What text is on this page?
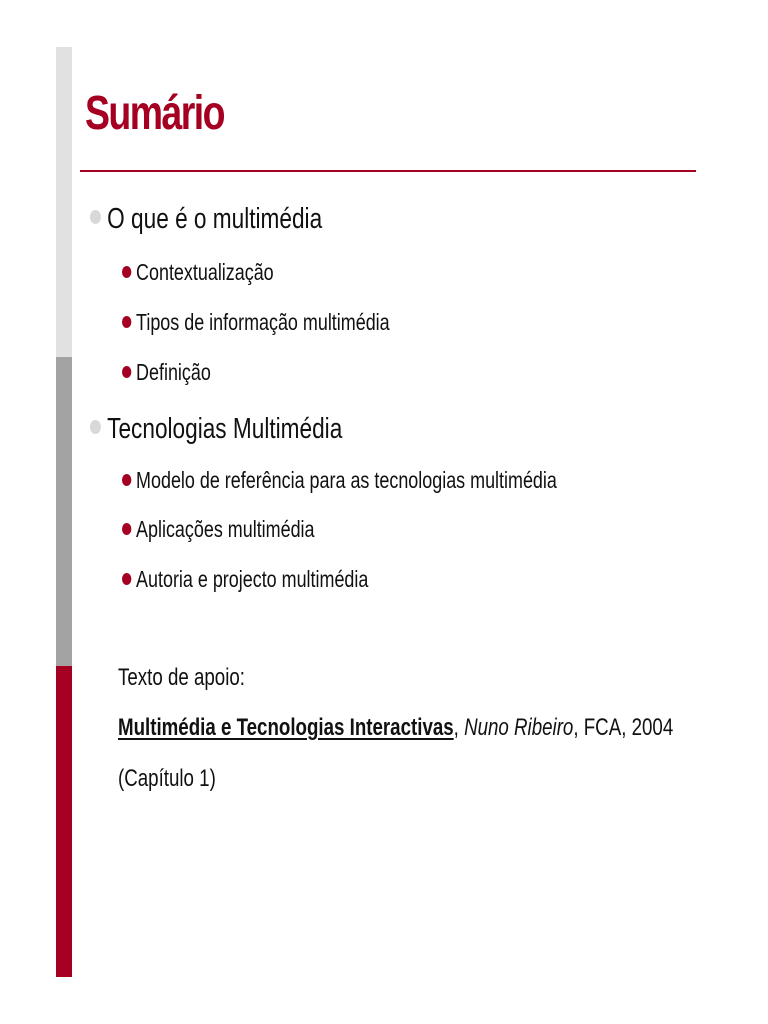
Sumário
O que é o multimédia
Contextualização
Tipos de informação multimédia
Definição
Tecnologias Multimédia
Modelo de referência para as tecnologias multimédia
Aplicações multimédia
Autoria e projecto multimédia
Texto de apoio:
Multimédia e Tecnologias Interactivas, Nuno Ribeiro, FCA, 2004
(Capítulo 1)
